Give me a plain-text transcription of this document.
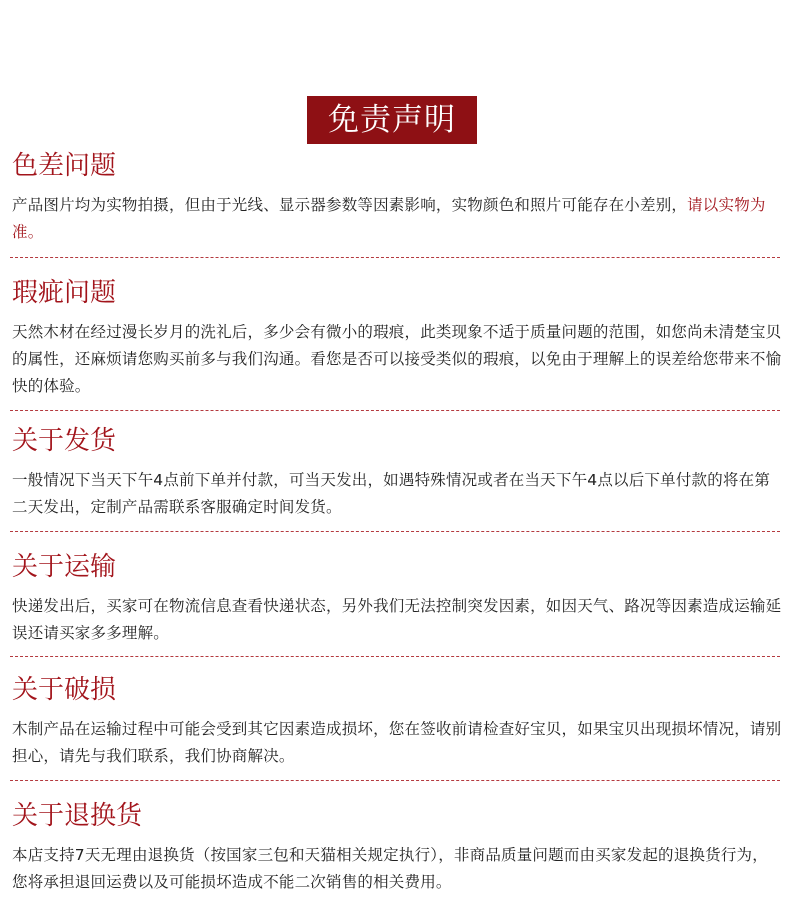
免责声明
色差问题
产品图片均为实物拍摄，但由于光线、显示器参数等因素影响，实物颜色和照片可能存在小差别，请以实物为准。
瑕疵问题
天然木材在经过漫长岁月的洗礼后，多少会有微小的瑕痕，此类现象不适于质量问题的范围，如您尚未清楚宝贝的属性，还麻烦请您购买前多与我们沟通。看您是否可以接受类似的瑕痕，以免由于理解上的误差给您带来不愉快的体验。
关于发货
一般情况下当天下午4点前下单并付款，可当天发出，如遇特殊情况或者在当天下午4点以后下单付款的将在第二天发出，定制产品需联系客服确定时间发货。
关于运输
快递发出后，买家可在物流信息查看快递状态，另外我们无法控制突发因素，如因天气、路况等因素造成运输延误还请买家多多理解。
关于破损
木制产品在运输过程中可能会受到其它因素造成损坏，您在签收前请检查好宝贝，如果宝贝出现损坏情况，请别担心，请先与我们联系，我们协商解决。
关于退换货
本店支持7天无理由退换货（按国家三包和天猫相关规定执行），非商品质量问题而由买家发起的退换货行为，您将承担退回运费以及可能损坏造成不能二次销售的相关费用。
